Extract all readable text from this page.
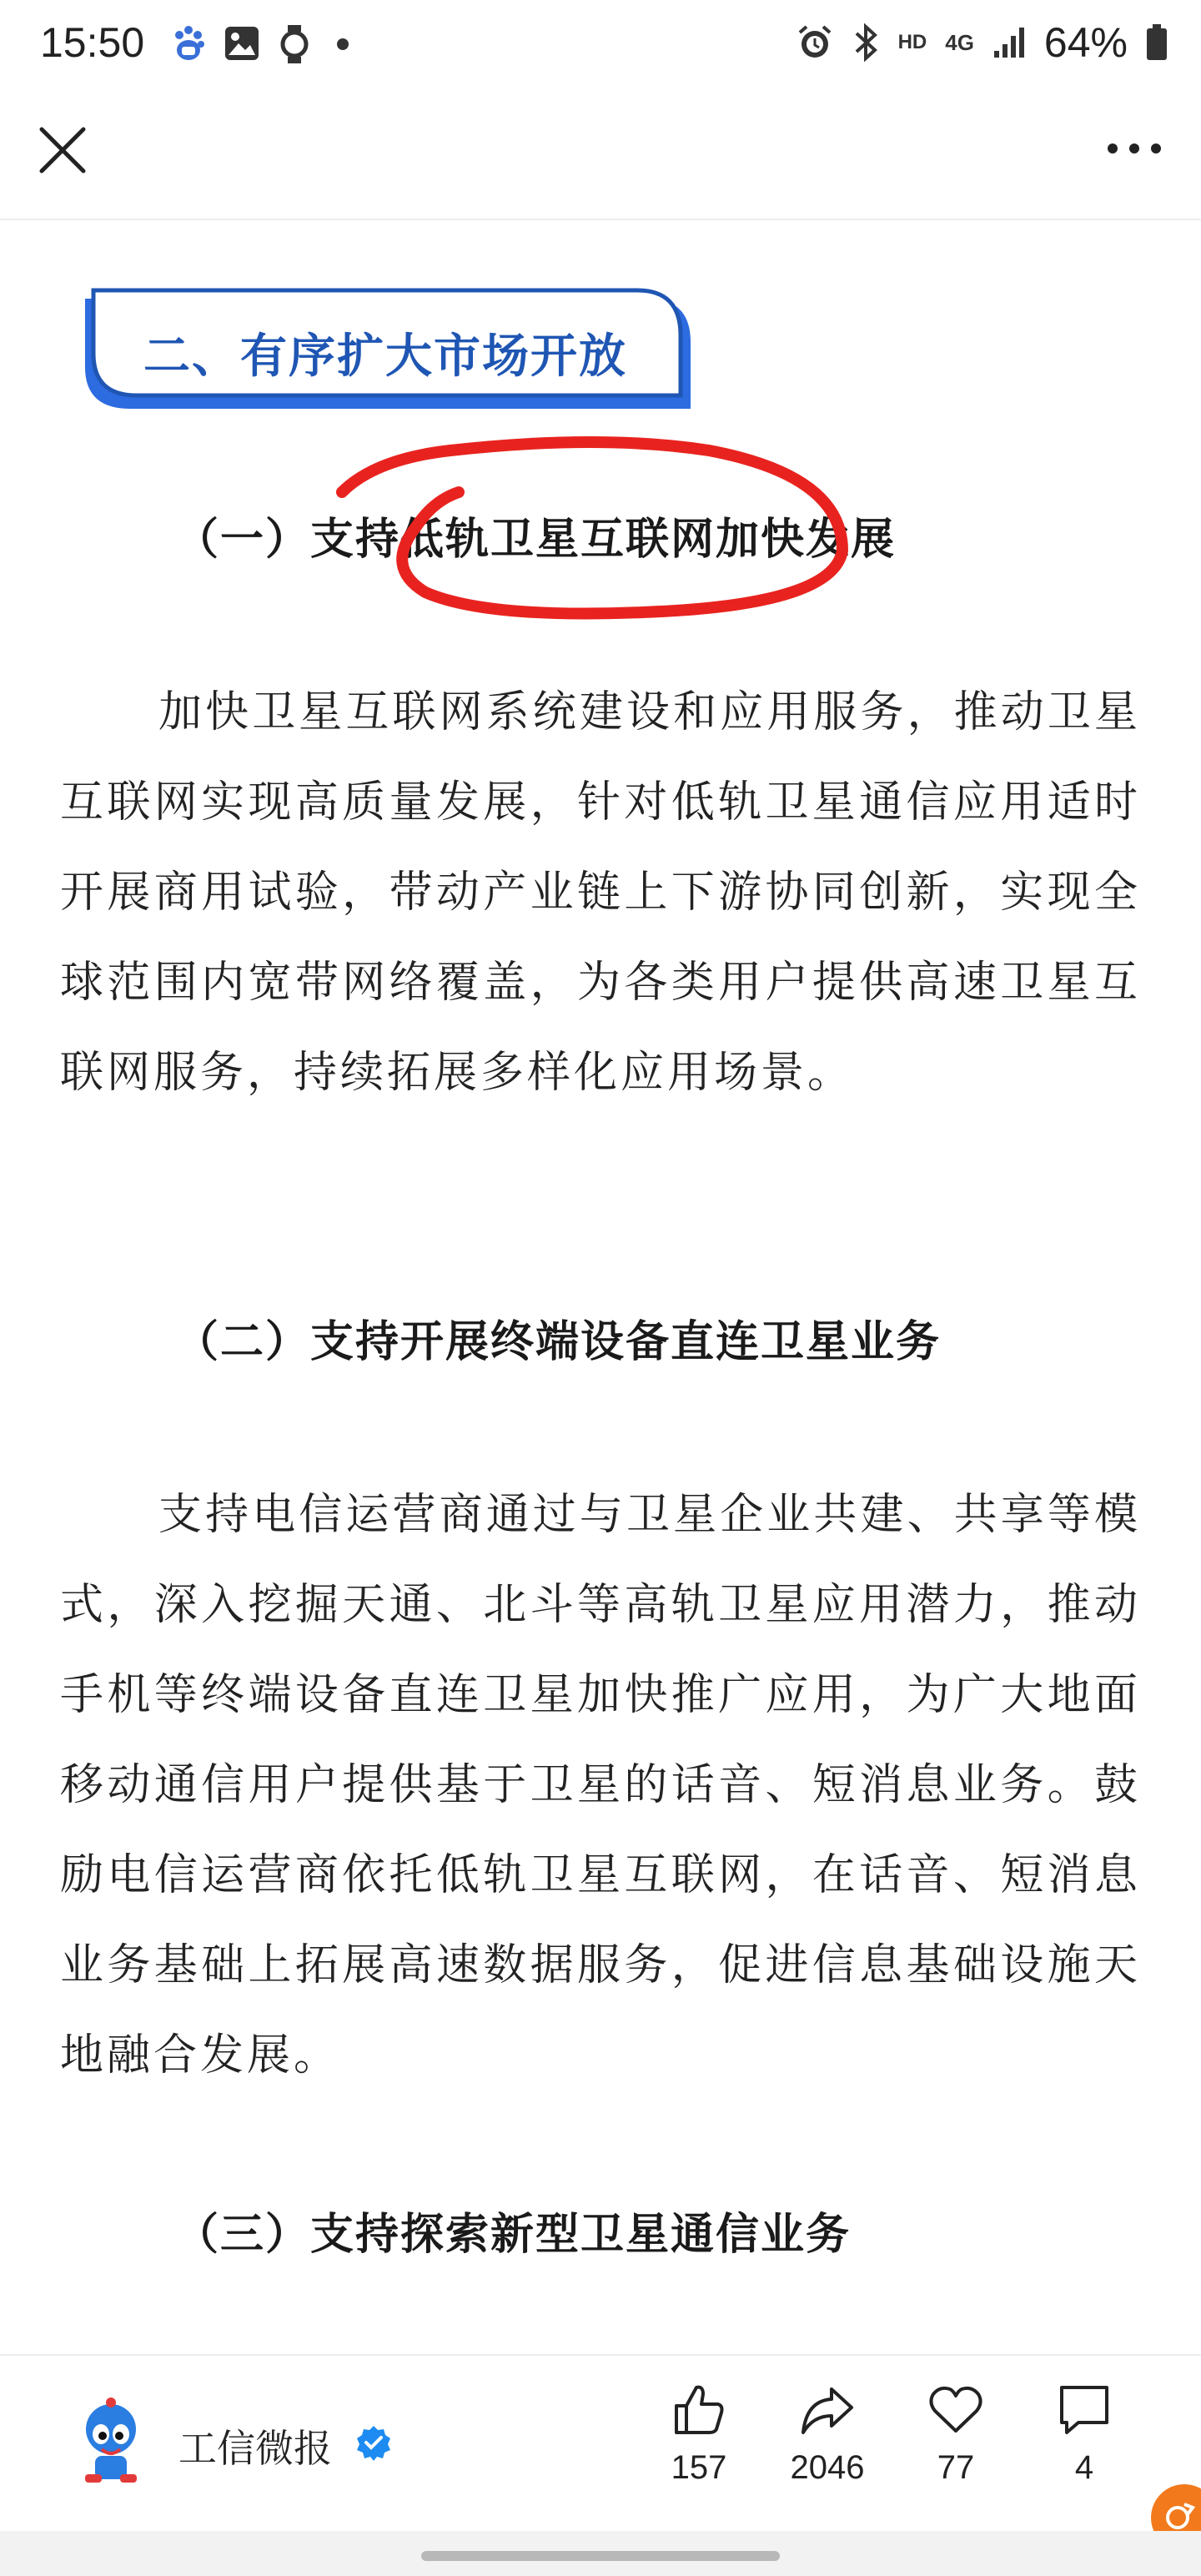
15:50	HD 4G 64%
二、有序扩大市场开放
（一）支持低轨卫星互联网加快发展
加快卫星互联网系统建设和应用服务，推动卫星互联网实现高质量发展，针对低轨卫星通信应用适时开展商用试验，带动产业链上下游协同创新，实现全球范围内宽带网络覆盖，为各类用户提供高速卫星互联网服务，持续拓展多样化应用场景。
（二）支持开展终端设备直连卫星业务
支持电信运营商通过与卫星企业共建、共享等模式，深入挖掘天通、北斗等高轨卫星应用潜力，推动手机等终端设备直连卫星加快推广应用，为广大地面移动通信用户提供基于卫星的话音、短消息业务。鼓励电信运营商依托低轨卫星互联网，在话音、短消息业务基础上拓展高速数据服务，促进信息基础设施天地融合发展。
（三）支持探索新型卫星通信业务
工信微报	157	2046	77	4
